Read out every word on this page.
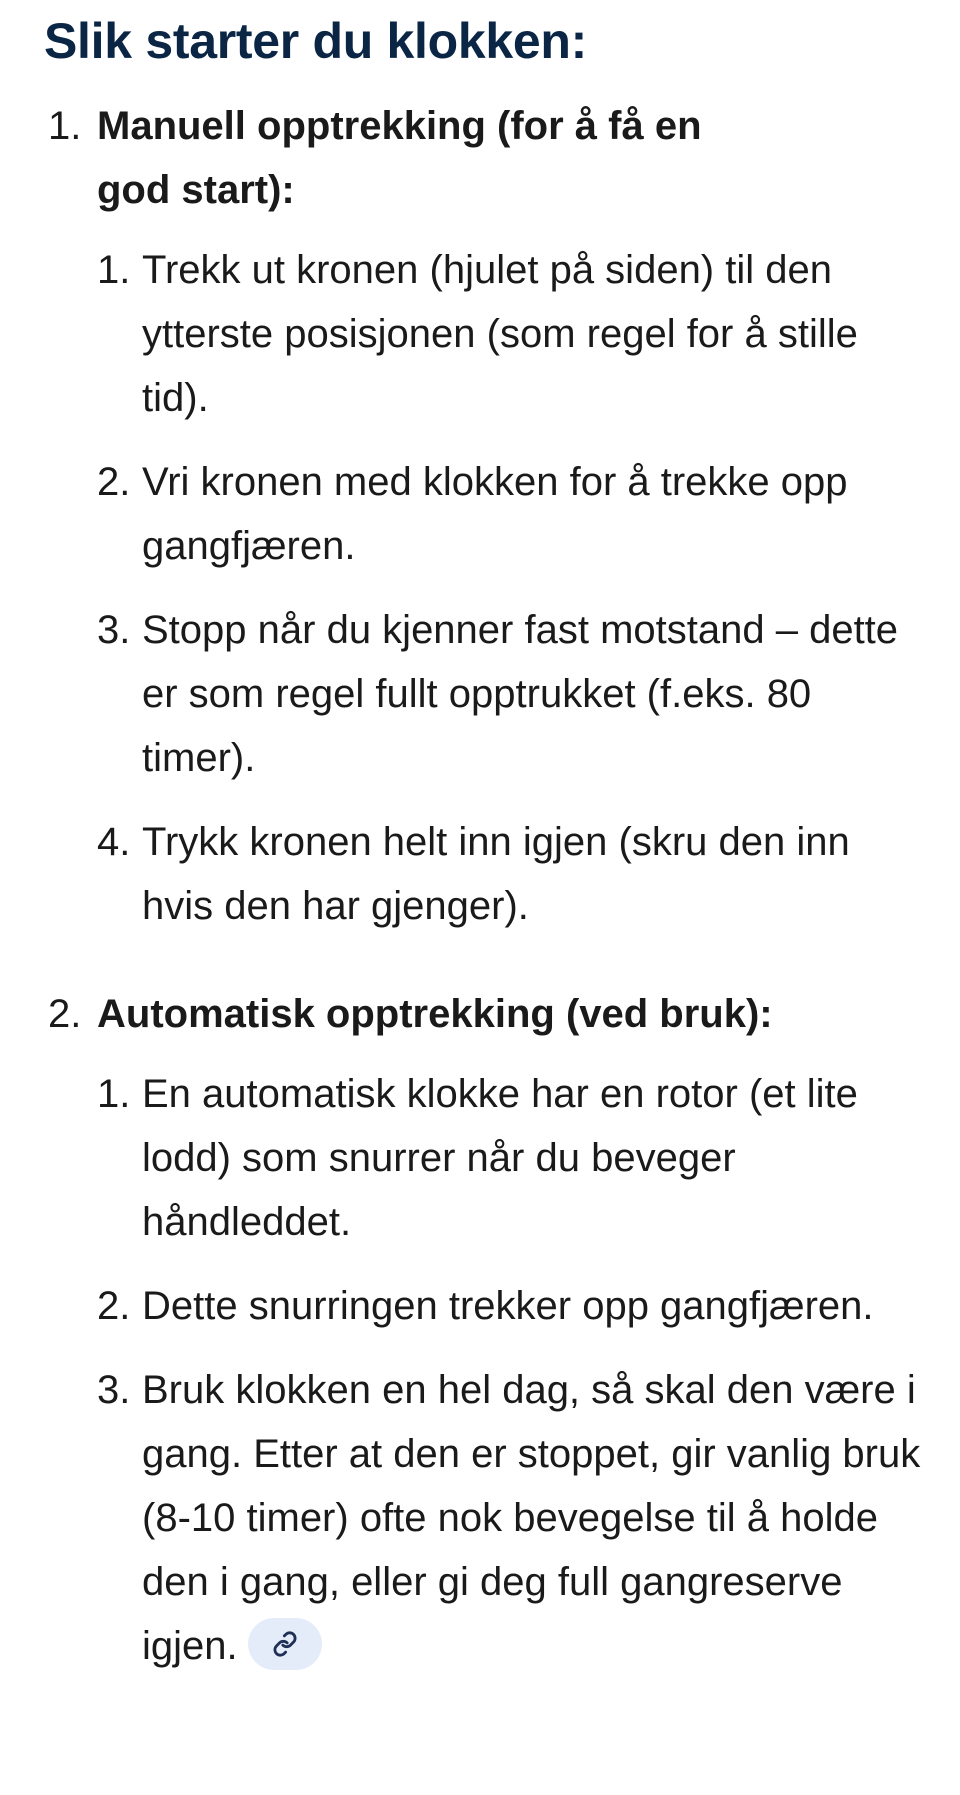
Slik starter du klokken:
1. Manuell opptrekking (for å få en god start):
1. Trekk ut kronen (hjulet på siden) til den ytterste posisjonen (som regel for å stille tid).
2. Vri kronen med klokken for å trekke opp gangfjæren.
3. Stopp når du kjenner fast motstand – dette er som regel fullt opptrukket (f.eks. 80 timer).
4. Trykk kronen helt inn igjen (skru den inn hvis den har gjenger).
2. Automatisk opptrekking (ved bruk):
1. En automatisk klokke har en rotor (et lite lodd) som snurrer når du beveger håndleddet.
2. Dette snurringen trekker opp gangfjæren.
3. Bruk klokken en hel dag, så skal den være i gang. Etter at den er stoppet, gir vanlig bruk (8-10 timer) ofte nok bevegelse til å holde den i gang, eller gi deg full gangreserve igjen.
